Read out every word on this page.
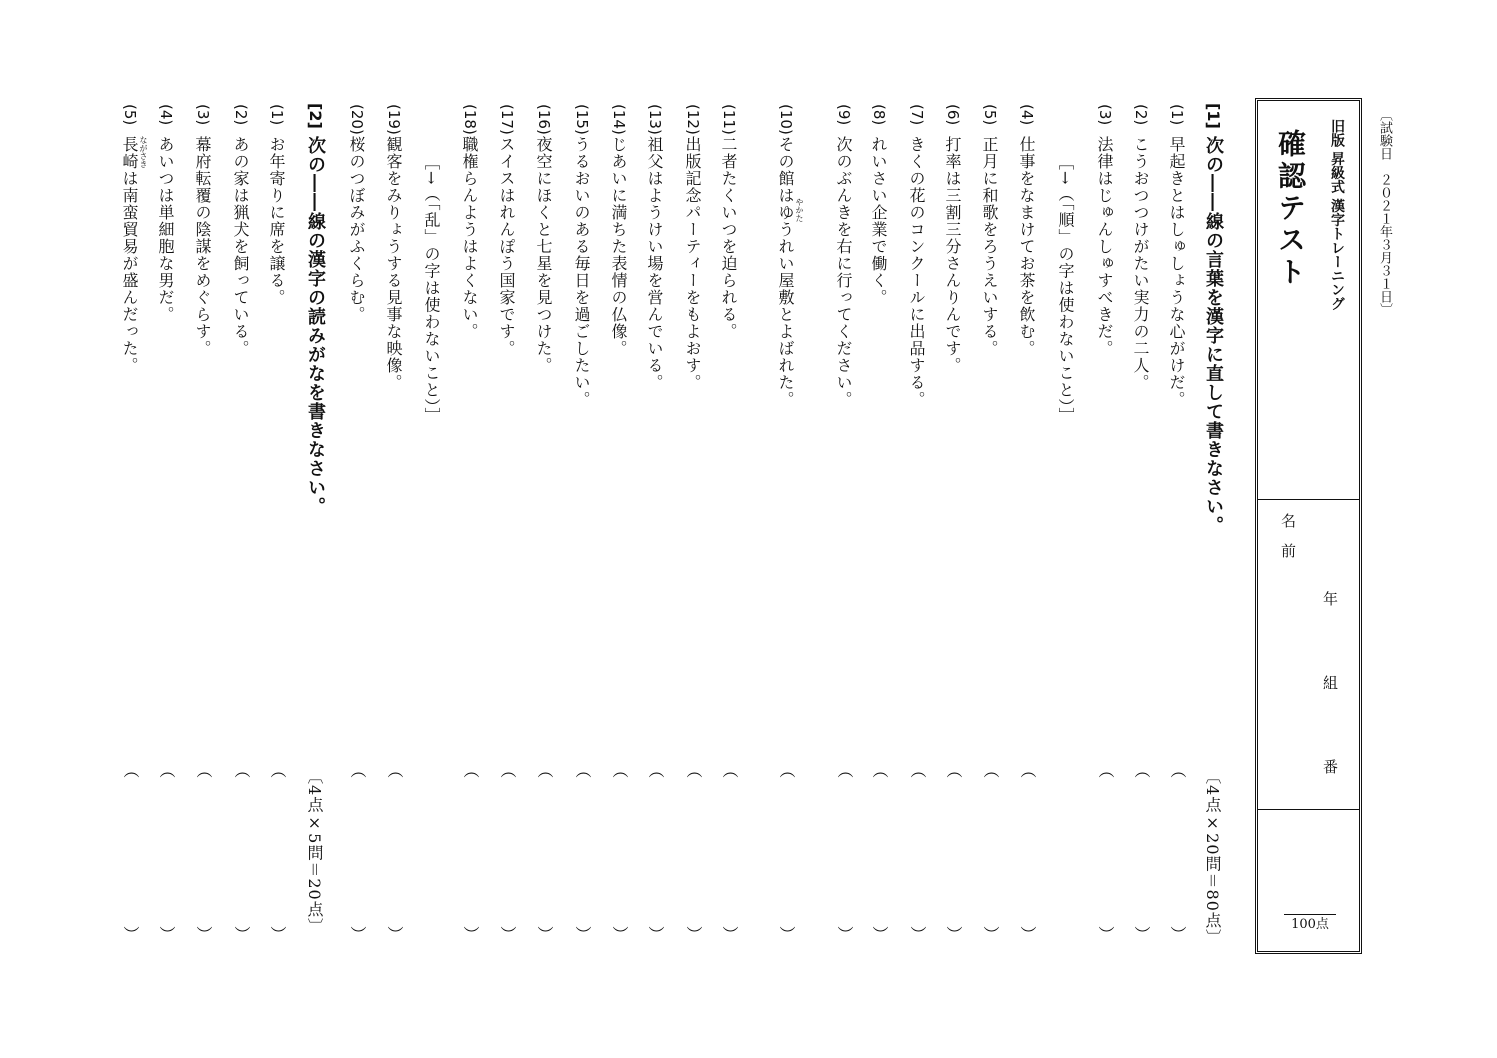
〔試験日　２０２１年３月３１日〕
旧版 昇級式 漢字トレーニング
確認テスト
名　前
年　　　組　　　番
100点
[1]
次の――線の言葉を漢字に直して書きなさい。
〔4点×20問＝80点〕
(1)
早起きとはしゅしょうな心がけだ。
（
）
(2)
こうおつつけがたい実力の二人。
（
）
(3)
法律はじゅんしゅすべきだ。
（
）
［→（「順」の字は使わないこと）］
(4)
仕事をなまけてお茶を飲む。
（
）
(5)
正月に和歌をろうえいする。
（
）
(6)
打率は三割三分さんりんです。
（
）
(7)
きくの花のコンクールに出品する。
（
）
(8)
れいさい企業で働く。
（
）
(9)
次のぶんきを右に行ってください。
（
）
(10)
その館はゆうれい屋敷とよばれた。 やかた
（
）
(11)
二者たくいつを迫られる。
（
）
(12)
出版記念パーティーをもよおす。
（
）
(13)
祖父はようけい場を営んでいる。
（
）
(14)
じあいに満ちた表情の仏像。
（
）
(15)
うるおいのある毎日を過ごしたい。
（
）
(16)
夜空にほくと七星を見つけた。
（
）
(17)
スイスはれんぽう国家です。
（
）
(18)
職権らんようはよくない。
（
）
［→（「乱」の字は使わないこと）］
(19)
観客をみりょうする見事な映像。
（
）
(20)
桜のつぼみがふくらむ。
（
）
[2]
次の――線の漢字の読みがなを書きなさい。
〔4点×5問＝20点〕
(1)
お年寄りに席を譲る。
（
）
(2)
あの家は猟犬を飼っている。
（
）
(3)
幕府転覆の陰謀をめぐらす。
（
）
(4)
あいつは単細胞な男だ。
（
）
(5)
長崎は南蛮貿易が盛んだった。 ながさき
（
）
